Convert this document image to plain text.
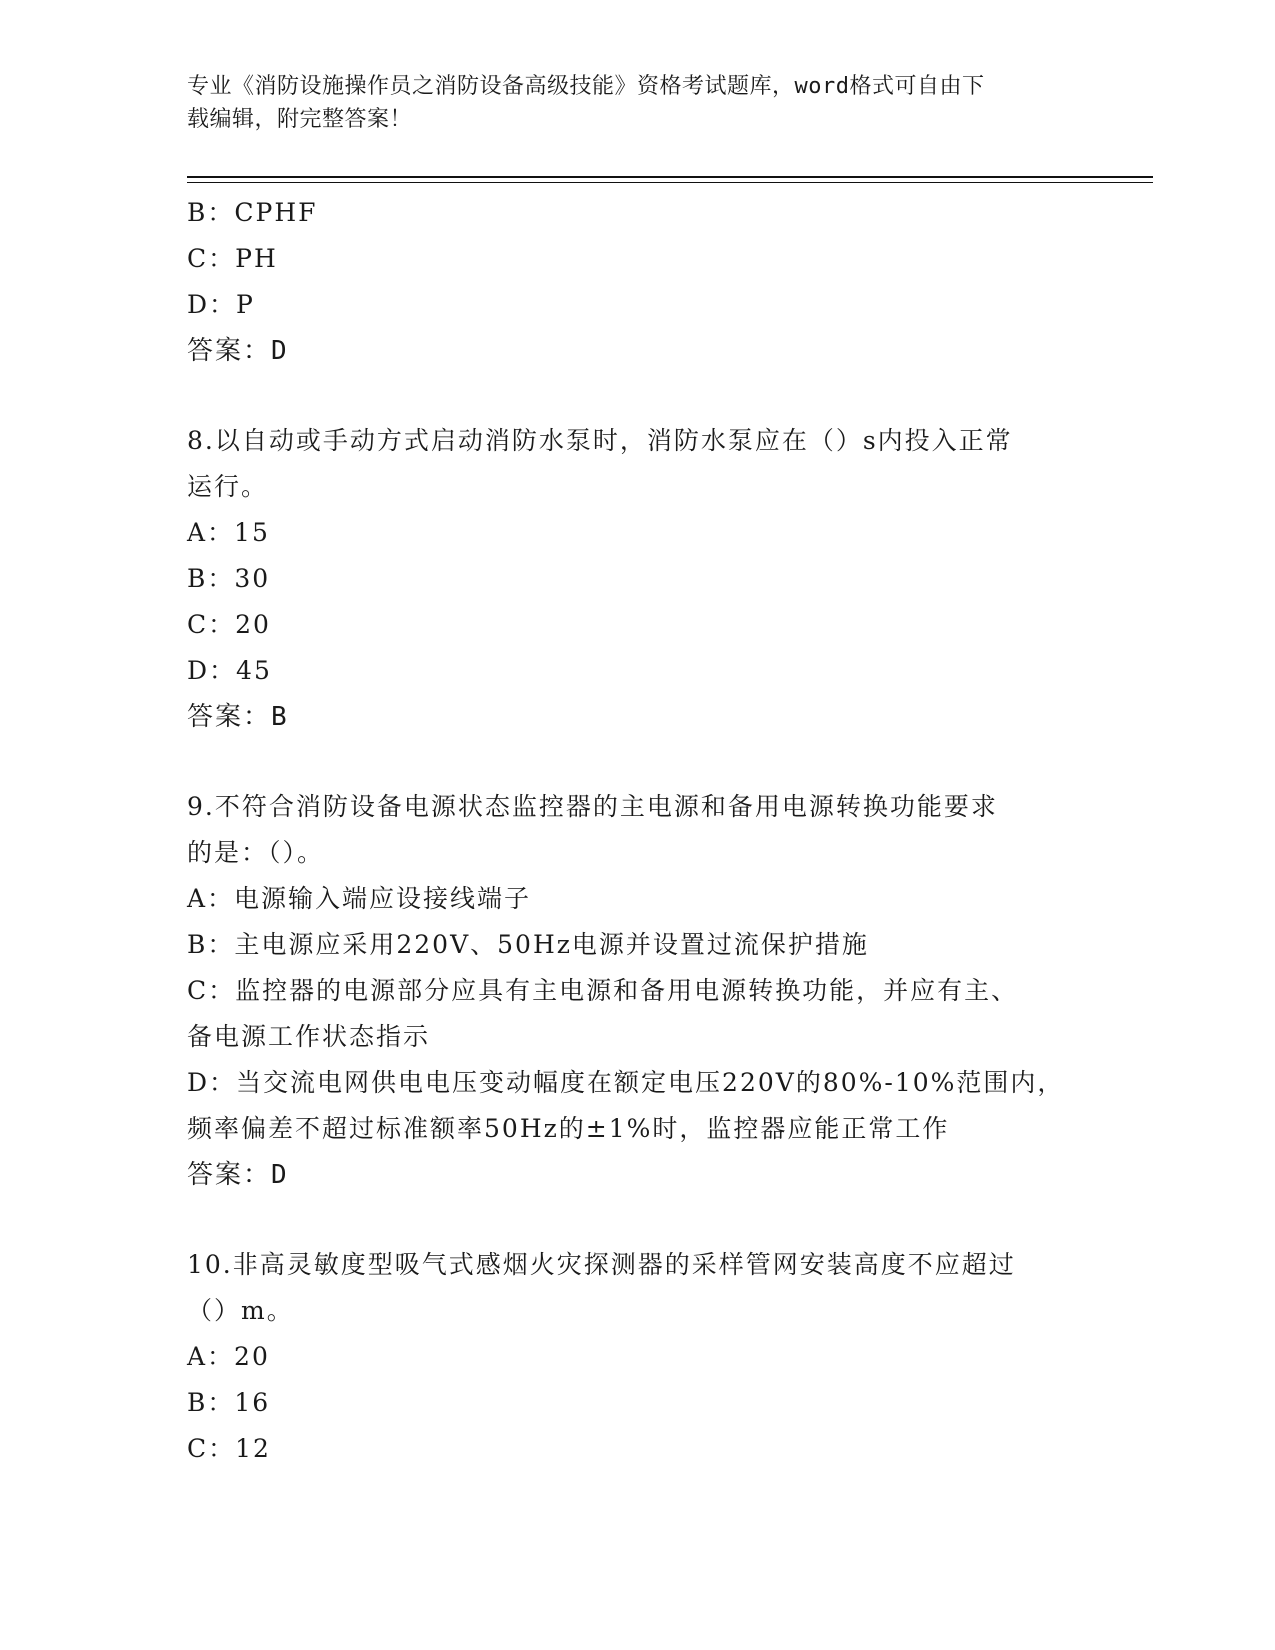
专业《消防设施操作员之消防设备高级技能》资格考试题库，word格式可自由下
载编辑，附完整答案！
B：CPHF
C：PH
D：P
答案：D
8.以自动或手动方式启动消防水泵时，消防水泵应在（）s内投入正常
运行。
A：15
B：30
C：20
D：45
答案：B
9.不符合消防设备电源状态监控器的主电源和备用电源转换功能要求
的是：（）。
A：电源输入端应设接线端子
B：主电源应采用220V、50Hz电源并设置过流保护措施
C：监控器的电源部分应具有主电源和备用电源转换功能，并应有主、
备电源工作状态指示
D：当交流电网供电电压变动幅度在额定电压220V的80%-10%范围内，
频率偏差不超过标准额率50Hz的±1%时，监控器应能正常工作
答案：D
10.非高灵敏度型吸气式感烟火灾探测器的采样管网安装高度不应超过
（）m。
A：20
B：16
C：12
